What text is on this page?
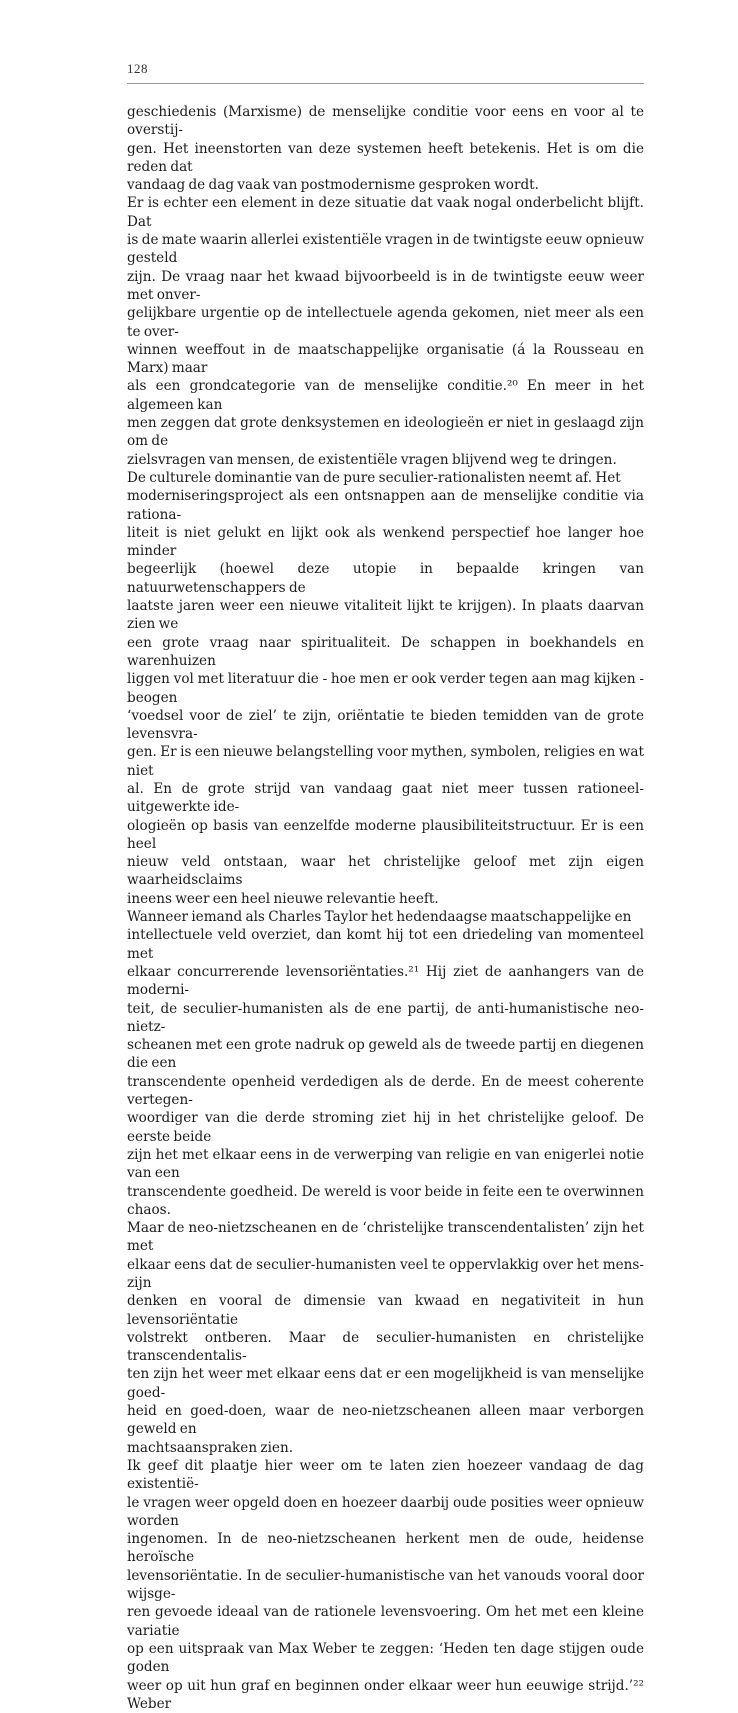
128

geschiedenis (Marxisme) de menselijke conditie voor eens en voor al te overstij-
gen. Het ineenstorten van deze systemen heeft betekenis. Het is om die reden dat
vandaag de dag vaak van postmodernisme gesproken wordt.

Er is echter een element in deze situatie dat vaak nogal onderbelicht blijft. Dat
is de mate waarin allerlei existentiële vragen in de twintigste eeuw opnieuw gesteld
zijn. De vraag naar het kwaad bijvoorbeeld is in de twintigste eeuw weer met onver-
gelijkbare urgentie op de intellectuele agenda gekomen, niet meer als een te over-
winnen weeffout in de maatschappelijke organisatie (á la Rousseau en Marx) maar
als een grondcategorie van de menselijke conditie.²⁰ En meer in het algemeen kan
men zeggen dat grote denksystemen en ideologieën er niet in geslaagd zijn om de
zielsvragen van mensen, de existentiële vragen blijvend weg te dringen.

De culturele dominantie van de pure seculier-rationalisten neemt af. Het
moderniseringsproject als een ontsnappen aan de menselijke conditie via rationa-
liteit is niet gelukt en lijkt ook als wenkend perspectief hoe langer hoe minder
begeerlijk (hoewel deze utopie in bepaalde kringen van natuurwetenschappers de
laatste jaren weer een nieuwe vitaliteit lijkt te krijgen). In plaats daarvan zien we
een grote vraag naar spiritualiteit. De schappen in boekhandels en warenhuizen
liggen vol met literatuur die - hoe men er ook verder tegen aan mag kijken - beogen
‘voedsel voor de ziel’ te zijn, oriëntatie te bieden temidden van de grote levensvra-
gen. Er is een nieuwe belangstelling voor mythen, symbolen, religies en wat niet
al. En de grote strijd van vandaag gaat niet meer tussen rationeel-uitgewerkte ide-
ologieën op basis van eenzelfde moderne plausibiliteitstructuur. Er is een heel
nieuw veld ontstaan, waar het christelijke geloof met zijn eigen waarheidsclaims
ineens weer een heel nieuwe relevantie heeft.

Wanneer iemand als Charles Taylor het hedendaagse maatschappelijke en
intellectuele veld overziet, dan komt hij tot een driedeling van momenteel met
elkaar concurrerende levensoriëntaties.²¹ Hij ziet de aanhangers van de moderni-
teit, de seculier-humanisten als de ene partij, de anti-humanistische neo-nietz-
scheanen met een grote nadruk op geweld als de tweede partij en diegenen die een
transcendente openheid verdedigen als de derde. En de meest coherente vertegen-
woordiger van die derde stroming ziet hij in het christelijke geloof. De eerste beide
zijn het met elkaar eens in de verwerping van religie en van enigerlei notie van een
transcendente goedheid. De wereld is voor beide in feite een te overwinnen chaos.
Maar de neo-nietzscheanen en de ‘christelijke transcendentalisten’ zijn het met
elkaar eens dat de seculier-humanisten veel te oppervlakkig over het mens-zijn
denken en vooral de dimensie van kwaad en negativiteit in hun levensoriëntatie
volstrekt ontberen. Maar de seculier-humanisten en christelijke transcendentalis-
ten zijn het weer met elkaar eens dat er een mogelijkheid is van menselijke goed-
heid en goed-doen, waar de neo-nietzscheanen alleen maar verborgen geweld en
machtsaanspraken zien.

Ik geef dit plaatje hier weer om te laten zien hoezeer vandaag de dag existentië-
le vragen weer opgeld doen en hoezeer daarbij oude posities weer opnieuw worden
ingenomen. In de neo-nietzscheanen herkent men de oude, heidense heroïsche
levensoriëntatie. In de seculier-humanistische van het vanouds vooral door wijsge-
ren gevoede ideaal van de rationele levensvoering. Om het met een kleine variatie
op een uitspraak van Max Weber te zeggen: ‘Heden ten dage stijgen oude goden
weer op uit hun graf en beginnen onder elkaar weer hun eeuwige strijd.’²² Weber
